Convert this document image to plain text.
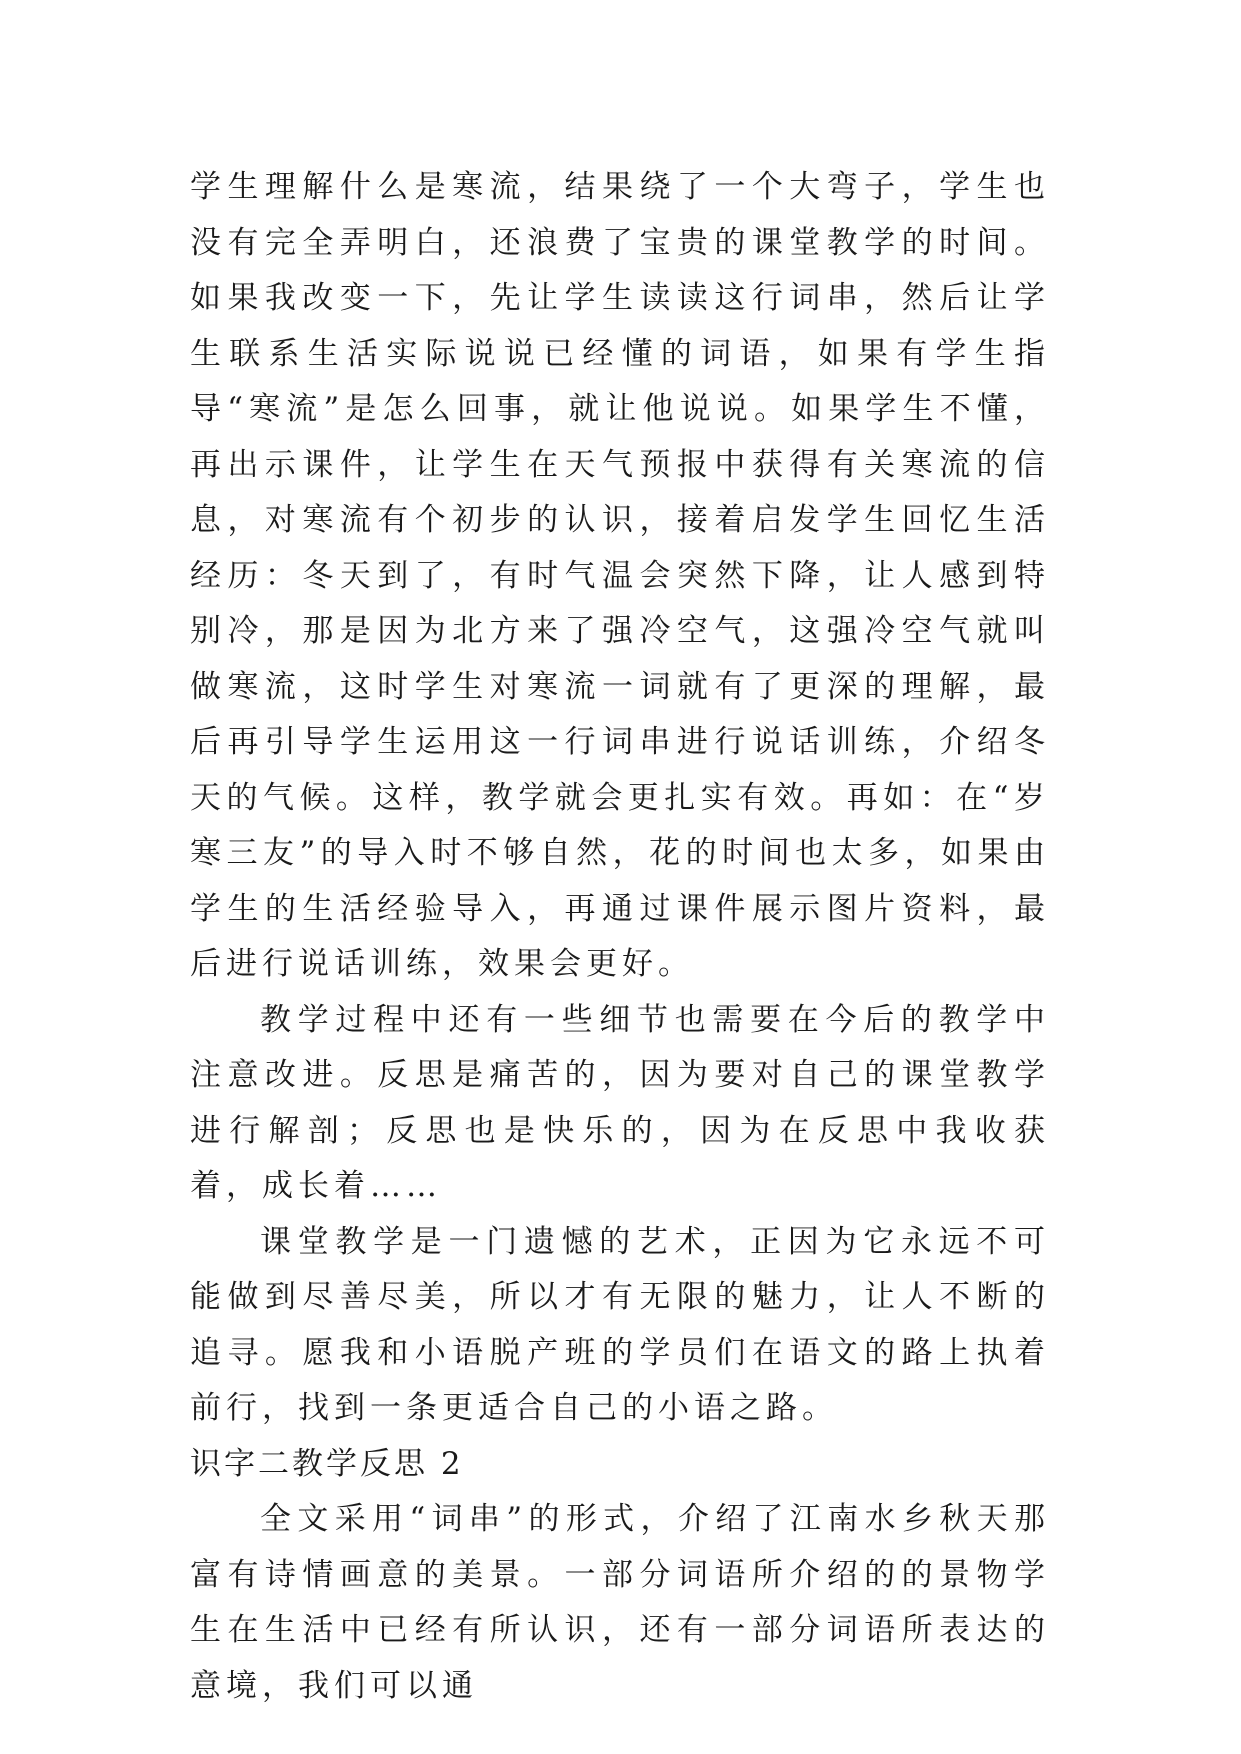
学生理解什么是寒流，结果绕了一个大弯子，学生也没有完全弄明白，还浪费了宝贵的课堂教学的时间。如果我改变一下，先让学生读读这行词串，然后让学生联系生活实际说说已经懂的词语，如果有学生指导“寒流”是怎么回事，就让他说说。如果学生不懂，再出示课件，让学生在天气预报中获得有关寒流的信息，对寒流有个初步的认识，接着启发学生回忆生活经历：冬天到了，有时气温会突然下降，让人感到特别冷，那是因为北方来了强冷空气，这强冷空气就叫做寒流，这时学生对寒流一词就有了更深的理解，最后再引导学生运用这一行词串进行说话训练，介绍冬天的气候。这样，教学就会更扎实有效。再如：在“岁寒三友”的导入时不够自然，花的时间也太多，如果由学生的生活经验导入，再通过课件展示图片资料，最后进行说话训练，效果会更好。

教学过程中还有一些细节也需要在今后的教学中注意改进。反思是痛苦的，因为要对自己的课堂教学进行解剖；反思也是快乐的，因为在反思中我收获着，成长着……

课堂教学是一门遗憾的艺术，正因为它永远不可能做到尽善尽美，所以才有无限的魅力，让人不断的追寻。愿我和小语脱产班的学员们在语文的路上执着前行，找到一条更适合自己的小语之路。

识字二教学反思 2

全文采用“词串”的形式，介绍了江南水乡秋天那富有诗情画意的美景。一部分词语所介绍的的景物学生在生活中已经有所认识，还有一部分词语所表达的意境，我们可以通
